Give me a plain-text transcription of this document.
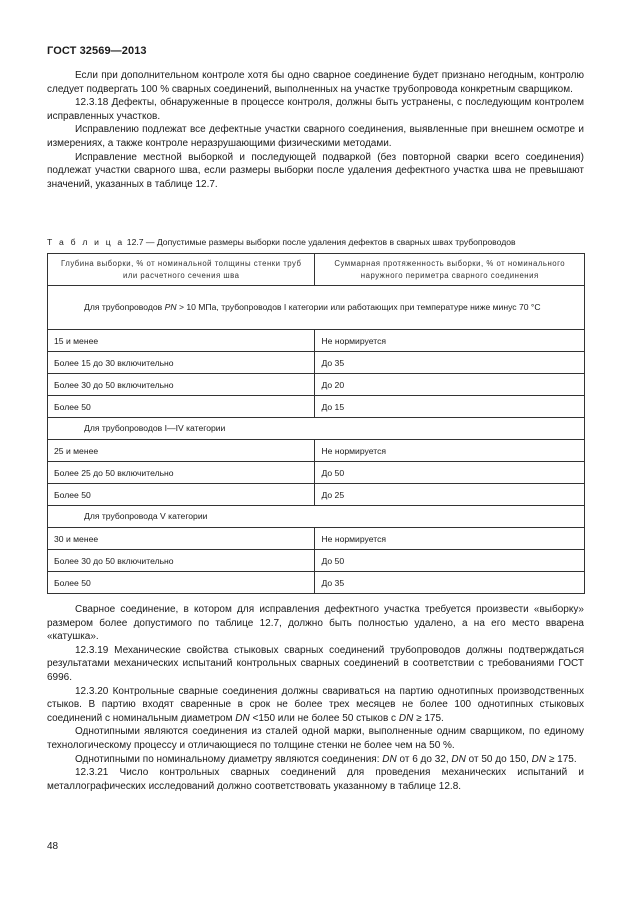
ГОСТ 32569—2013

Если при дополнительном контроле хотя бы одно сварное соединение будет признано негодным, контролю следует подвергать 100 % сварных соединений, выполненных на участке трубопровода конкретным сварщиком.

12.3.18 Дефекты, обнаруженные в процессе контроля, должны быть устранены, с последующим контролем исправленных участков.

Исправлению подлежат все дефектные участки сварного соединения, выявленные при внешнем осмотре и измерениях, а также контроле неразрушающими физическими методами.

Исправление местной выборкой и последующей подваркой (без повторной сварки всего соединения) подлежат участки сварного шва, если размеры выборки после удаления дефектного участка шва не превышают значений, указанных в таблице 12.7.

Т а б л и ц а 12.7 — Допустимые размеры выборки после удаления дефектов в сварных швах трубопроводов
Глубина выборки, % от номинальной толщины стенки труб или расчетного сечения шва	Суммарная протяженность выборки, % от номинального наружного периметра сварного соединения

Для трубопроводов PN > 10 МПа, трубопроводов I категории или работающих при температуре ниже минус 70 °С	

15 и менее	Не нормируется
Более 15 до 30 включительно	До 35
Более 30 до 50 включительно	До 20
Более 50	До 15

Для трубопроводов I—IV категории	

25 и менее	Не нормируется
Более 25 до 50 включительно	До 50
Более 50	До 25

Для трубопровода V категории	

30 и менее	Не нормируется
Более 30 до 50 включительно	До 50
Более 50	До 35

Сварное соединение, в котором для исправления дефектного участка требуется произвести «выборку» размером более допустимого по таблице 12.7, должно быть полностью удалено, а на его место вварена «катушка».

12.3.19 Механические свойства стыковых сварных соединений трубопроводов должны подтверждаться результатами механических испытаний контрольных сварных соединений в соответствии с требованиями ГОСТ 6996.

12.3.20 Контрольные сварные соединения должны свариваться на партию однотипных производственных стыков. В партию входят сваренные в срок не более трех месяцев не более 100 однотипных стыковых соединений с номинальным диаметром DN <150 или не более 50 стыков с DN ≥ 175.

Однотипными являются соединения из сталей одной марки, выполненные одним сварщиком, по единому технологическому процессу и отличающиеся по толщине стенки не более чем на 50 %.

Однотипными по номинальному диаметру являются соединения: DN от 6 до 32, DN от 50 до 150, DN ≥ 175.

12.3.21 Число контрольных сварных соединений для проведения механических испытаний и металлографических исследований должно соответствовать указанному в таблице 12.8.

48
